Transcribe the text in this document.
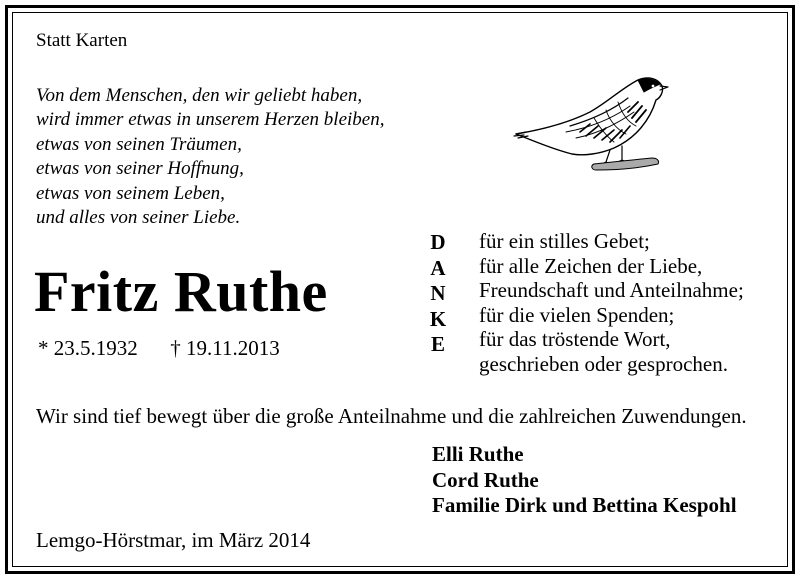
Statt Karten
Von dem Menschen, den wir geliebt haben,
wird immer etwas in unserem Herzen bleiben,
etwas von seinen Träumen,
etwas von seiner Hoffnung,
etwas von seinem Leben,
und alles von seiner Liebe.
Fritz Ruthe
* 23.5.1932 † 19.11.2013
D
A
N
K
E
für ein stilles Gebet;
für alle Zeichen der Liebe,
Freundschaft und Anteilnahme;
für die vielen Spenden;
für das tröstende Wort,
geschrieben oder gesprochen.
Wir sind tief bewegt über die große Anteilnahme und die zahlreichen Zuwendungen.
Elli Ruthe
Cord Ruthe
Familie Dirk und Bettina Kespohl
Lemgo-Hörstmar, im März 2014
